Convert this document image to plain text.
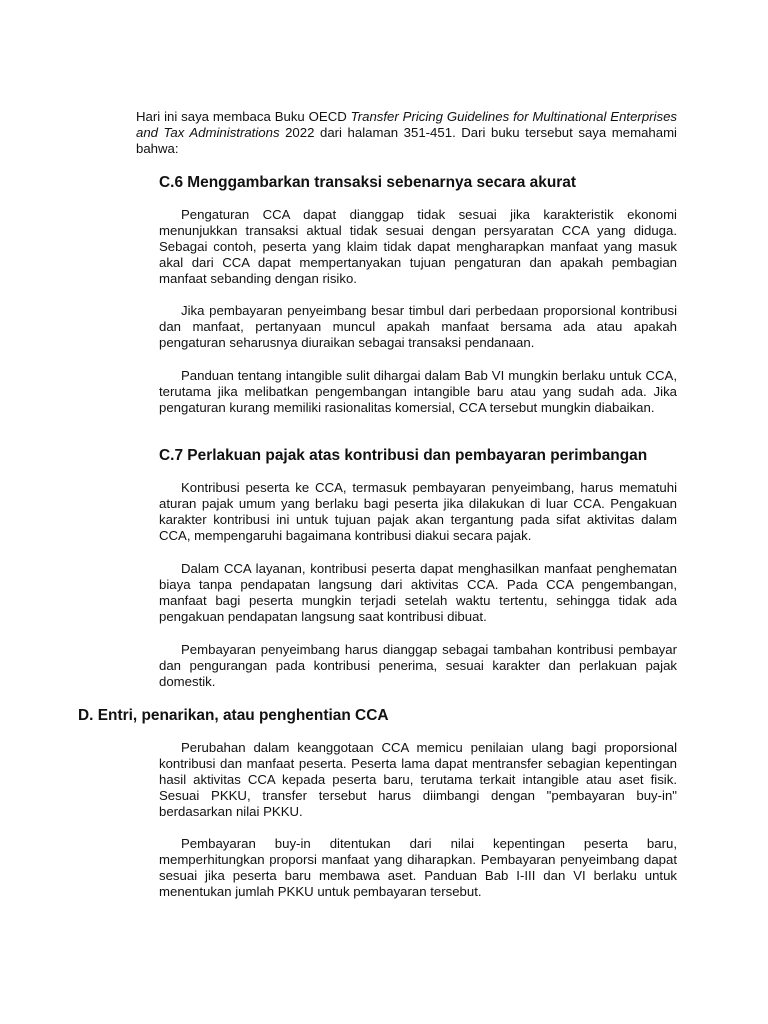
Hari ini saya membaca Buku OECD Transfer Pricing Guidelines for Multinational Enterprises and Tax Administrations 2022 dari halaman 351-451. Dari buku tersebut saya memahami bahwa:

C.6 Menggambarkan transaksi sebenarnya secara akurat

Pengaturan CCA dapat dianggap tidak sesuai jika karakteristik ekonomi menunjukkan transaksi aktual tidak sesuai dengan persyaratan CCA yang diduga. Sebagai contoh, peserta yang klaim tidak dapat mengharapkan manfaat yang masuk akal dari CCA dapat mempertanyakan tujuan pengaturan dan apakah pembagian manfaat sebanding dengan risiko.

Jika pembayaran penyeimbang besar timbul dari perbedaan proporsional kontribusi dan manfaat, pertanyaan muncul apakah manfaat bersama ada atau apakah pengaturan seharusnya diuraikan sebagai transaksi pendanaan.

Panduan tentang intangible sulit dihargai dalam Bab VI mungkin berlaku untuk CCA, terutama jika melibatkan pengembangan intangible baru atau yang sudah ada. Jika pengaturan kurang memiliki rasionalitas komersial, CCA tersebut mungkin diabaikan.

C.7 Perlakuan pajak atas kontribusi dan pembayaran perimbangan

Kontribusi peserta ke CCA, termasuk pembayaran penyeimbang, harus mematuhi aturan pajak umum yang berlaku bagi peserta jika dilakukan di luar CCA. Pengakuan karakter kontribusi ini untuk tujuan pajak akan tergantung pada sifat aktivitas dalam CCA, mempengaruhi bagaimana kontribusi diakui secara pajak.

Dalam CCA layanan, kontribusi peserta dapat menghasilkan manfaat penghematan biaya tanpa pendapatan langsung dari aktivitas CCA. Pada CCA pengembangan, manfaat bagi peserta mungkin terjadi setelah waktu tertentu, sehingga tidak ada pengakuan pendapatan langsung saat kontribusi dibuat.

Pembayaran penyeimbang harus dianggap sebagai tambahan kontribusi pembayar dan pengurangan pada kontribusi penerima, sesuai karakter dan perlakuan pajak domestik.

D. Entri, penarikan, atau penghentian CCA

Perubahan dalam keanggotaan CCA memicu penilaian ulang bagi proporsional kontribusi dan manfaat peserta. Peserta lama dapat mentransfer sebagian kepentingan hasil aktivitas CCA kepada peserta baru, terutama terkait intangible atau aset fisik. Sesuai PKKU, transfer tersebut harus diimbangi dengan "pembayaran buy-in" berdasarkan nilai PKKU.

Pembayaran buy-in ditentukan dari nilai kepentingan peserta baru, memperhitungkan proporsi manfaat yang diharapkan. Pembayaran penyeimbang dapat sesuai jika peserta baru membawa aset. Panduan Bab I-III dan VI berlaku untuk menentukan jumlah PKKU untuk pembayaran tersebut.
